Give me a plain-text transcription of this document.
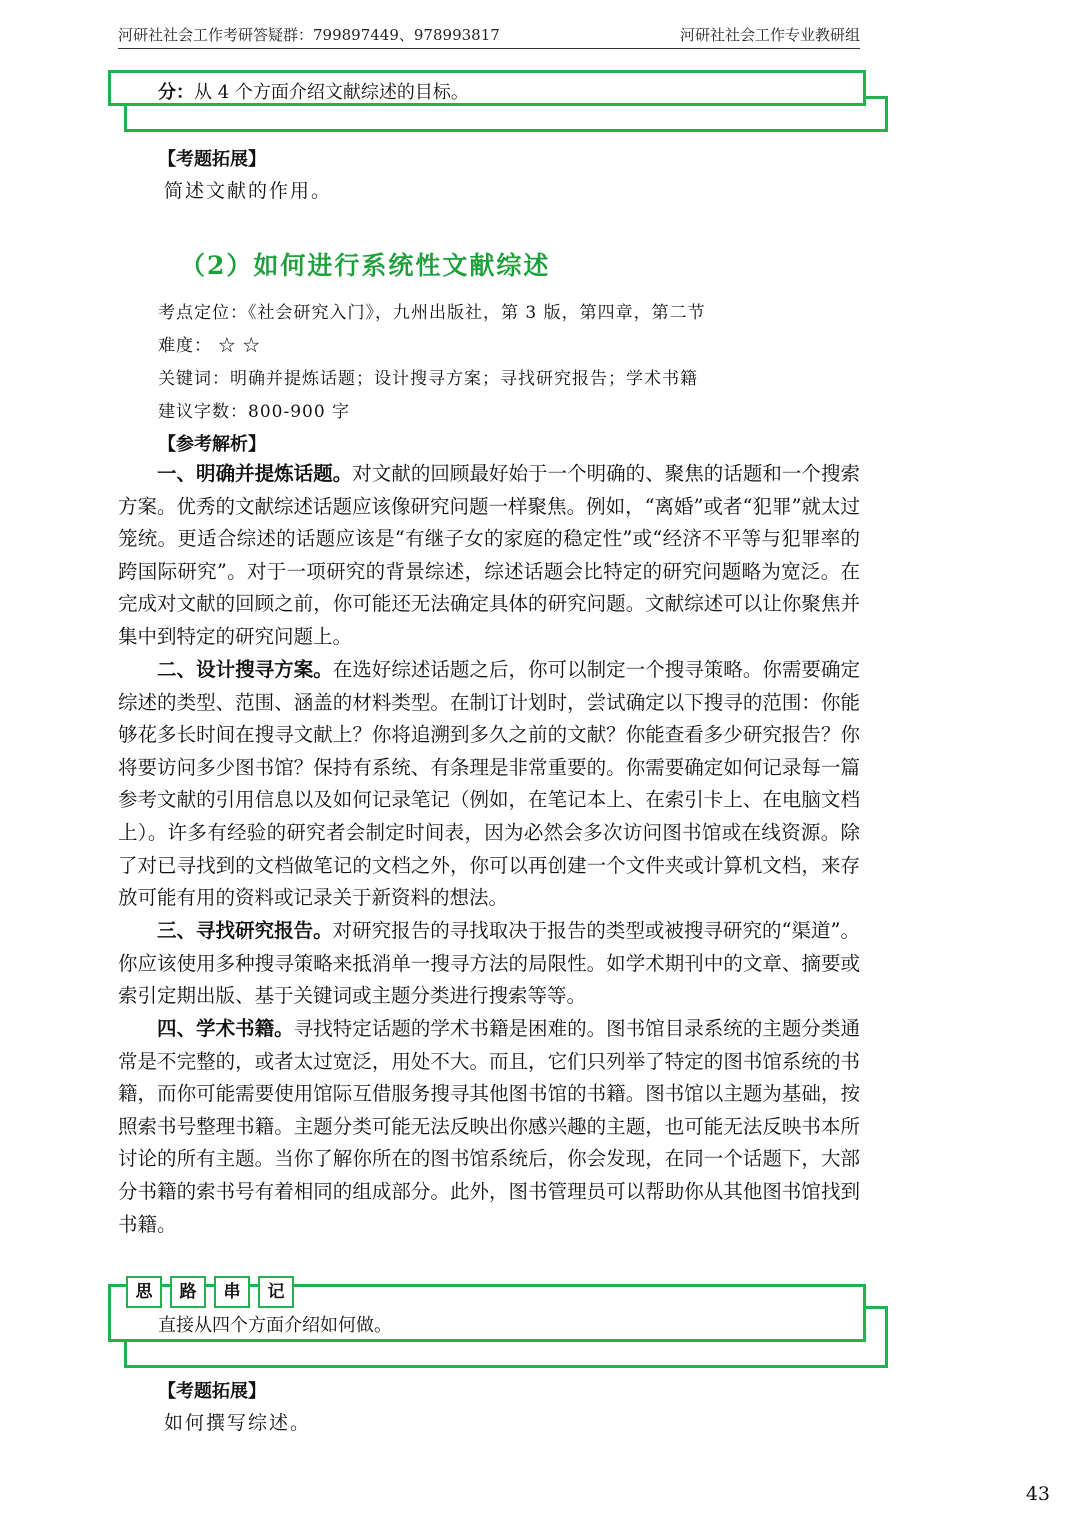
河研社社会工作考研答疑群：799897449、978993817	河研社社会工作专业教研组
分：从 4 个方面介绍文献综述的目标。
【考题拓展】
简述文献的作用。
（2）如何进行系统性文献综述
考点定位：《社会研究入门》，九州出版社，第 3 版，第四章，第二节
难度： ☆ ☆
关键词：明确并提炼话题；设计搜寻方案；寻找研究报告；学术书籍
建议字数：800-900 字
【参考解析】

一、明确并提炼话题。对文献的回顾最好始于一个明确的、聚焦的话题和一个搜索方案。优秀的文献综述话题应该像研究问题一样聚焦。例如，“离婚”或者“犯罪”就太过笼统。更适合综述的话题应该是“有继子女的家庭的稳定性”或“经济不平等与犯罪率的跨国际研究”。对于一项研究的背景综述，综述话题会比特定的研究问题略为宽泛。在完成对文献的回顾之前，你可能还无法确定具体的研究问题。文献综述可以让你聚焦并集中到特定的研究问题上。

二、设计搜寻方案。在选好综述话题之后，你可以制定一个搜寻策略。你需要确定综述的类型、范围、涵盖的材料类型。在制订计划时，尝试确定以下搜寻的范围：你能够花多长时间在搜寻文献上？你将追溯到多久之前的文献？你能查看多少研究报告？你将要访问多少图书馆？保持有系统、有条理是非常重要的。你需要确定如何记录每一篇参考文献的引用信息以及如何记录笔记（例如，在笔记本上、在索引卡上、在电脑文档上）。许多有经验的研究者会制定时间表，因为必然会多次访问图书馆或在线资源。除了对已寻找到的文档做笔记的文档之外，你可以再创建一个文件夹或计算机文档，来存放可能有用的资料或记录关于新资料的想法。

三、寻找研究报告。对研究报告的寻找取决于报告的类型或被搜寻研究的“渠道”。你应该使用多种搜寻策略来抵消单一搜寻方法的局限性。如学术期刊中的文章、摘要或索引定期出版、基于关键词或主题分类进行搜索等等。

四、学术书籍。寻找特定话题的学术书籍是困难的。图书馆目录系统的主题分类通常是不完整的，或者太过宽泛，用处不大。而且，它们只列举了特定的图书馆系统的书籍，而你可能需要使用馆际互借服务搜寻其他图书馆的书籍。图书馆以主题为基础，按照索书号整理书籍。主题分类可能无法反映出你感兴趣的主题，也可能无法反映书本所讨论的所有主题。当你了解你所在的图书馆系统后，你会发现，在同一个话题下，大部分书籍的索书号有着相同的组成部分。此外，图书管理员可以帮助你从其他图书馆找到书籍。

思	路	串	记
直接从四个方面介绍如何做。
【考题拓展】
如何撰写综述。
43
